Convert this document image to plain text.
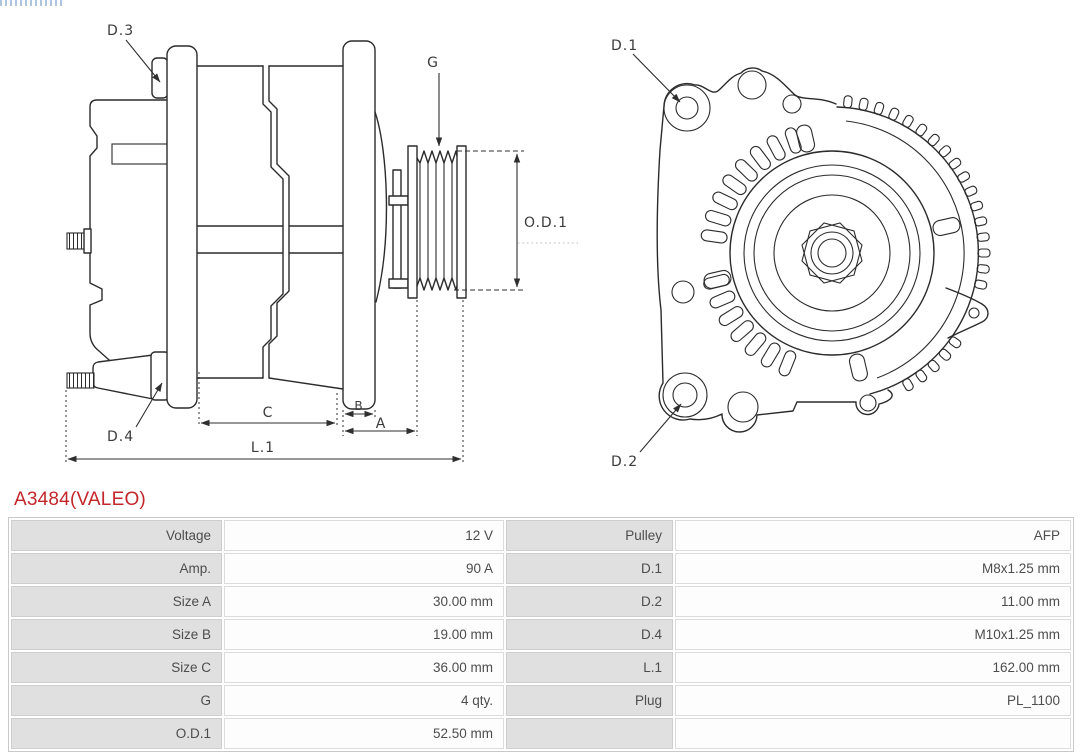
D.3
G
O.D.1
D.4
B
C
A
L.1
D.1
D.2
A3484(VALEO)
Voltage	12 V	Pulley	AFP
Amp.	90 A	D.1	M8x1.25 mm
Size A	30.00 mm	D.2	11.00 mm
Size B	19.00 mm	D.4	M10x1.25 mm
Size C	36.00 mm	L.1	162.00 mm
G	4 qty.	Plug	PL_1100
O.D.1	52.50 mm
